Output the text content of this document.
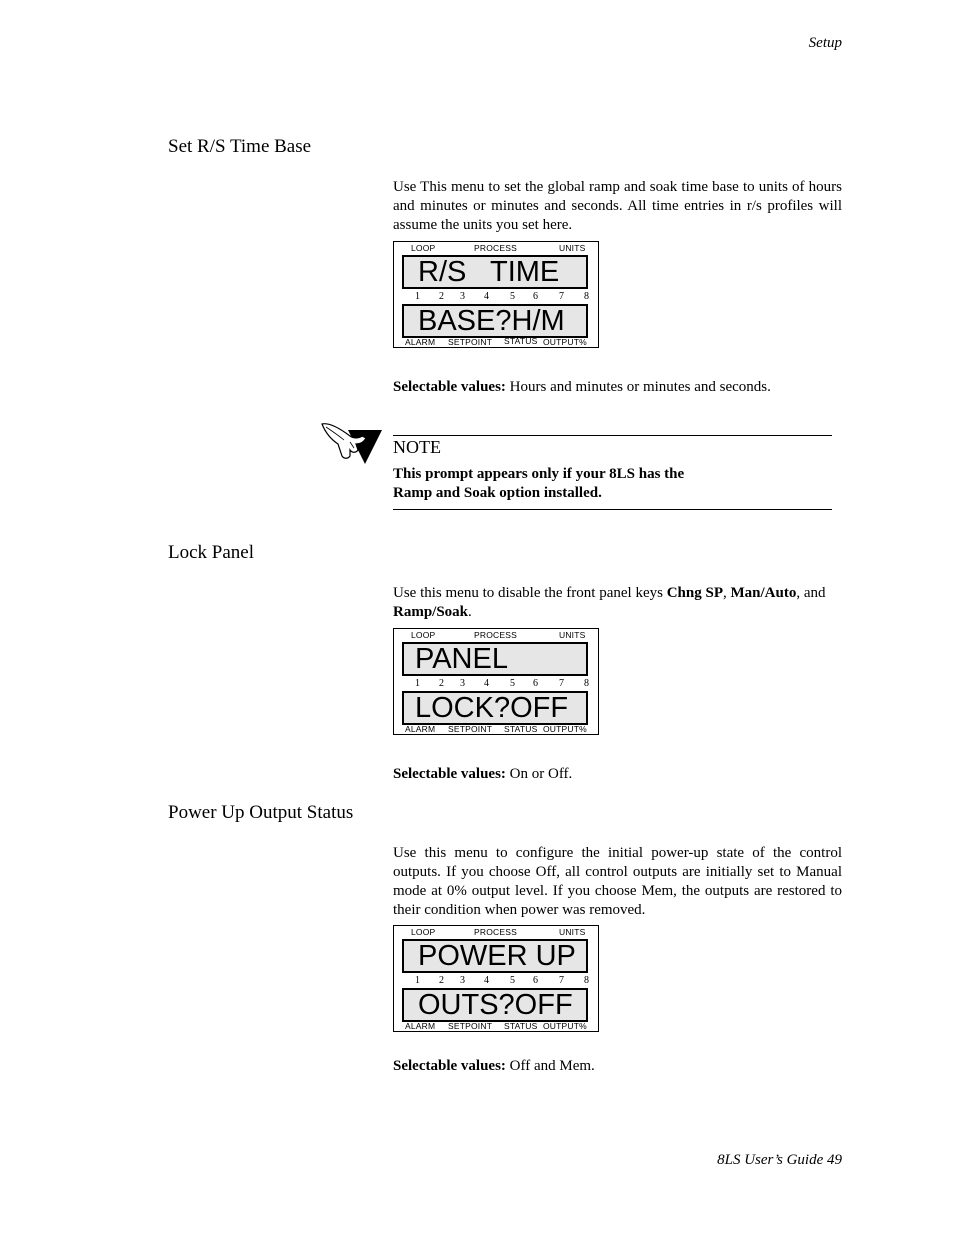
Setup
8LS User’s Guide 49
Set R/S Time Base
Use This menu to set the global ramp and soak time base to units of hours and minutes or minutes and seconds. All time entries in r/s profiles will assume the units you set here.
LOOP	PROCESS	UNITS
R/S   TIME
1 2 3 4 5 6 7 8
BASE?H/M
ALARM SETPOINT STATUS OUTPUT%
Selectable values: Hours and minutes or minutes and seconds.
NOTE
This prompt appears only if your 8LS has the
Ramp and Soak option installed.
Lock Panel
Use this menu to disable the front panel keys Chng SP, Man/Auto, and
Ramp/Soak.
LOOP	PROCESS	UNITS
PANEL
1 2 3 4 5 6 7 8
LOCK?OFF
ALARM SETPOINT STATUS OUTPUT%
Selectable values: On or Off.
Power Up Output Status
Use this menu to configure the initial power-up state of the control outputs. If you choose Off, all control outputs are initially set to Manual mode at 0% output level. If you choose Mem, the outputs are restored to their condition when power was removed.
LOOP	PROCESS	UNITS
POWER UP
1 2 3 4 5 6 7 8
OUTS?OFF
ALARM SETPOINT STATUS OUTPUT%
Selectable values: Off and Mem.
